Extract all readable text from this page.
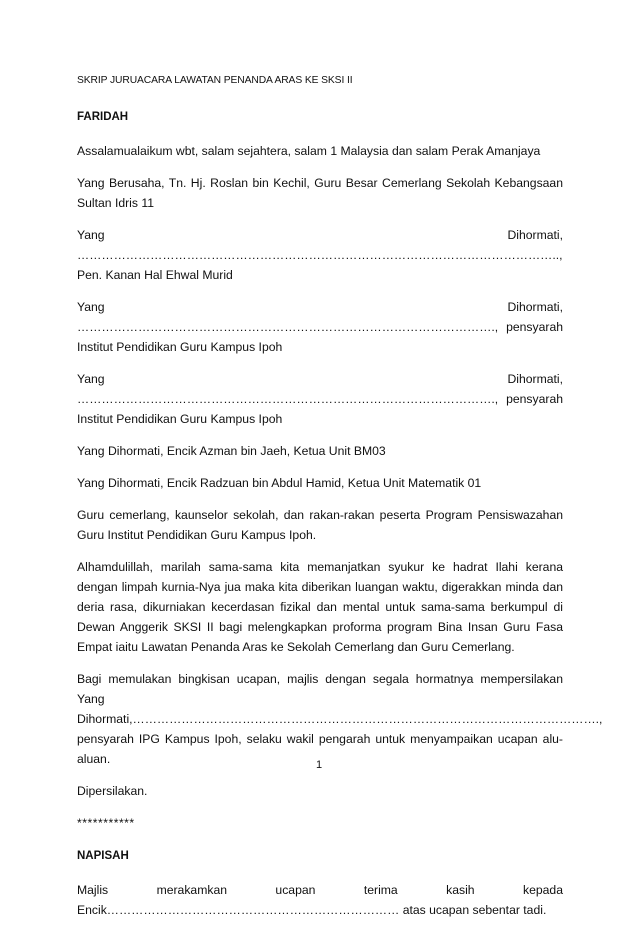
SKRIP JURUACARA LAWATAN PENANDA ARAS KE SKSI II
FARIDAH
Assalamualaikum wbt, salam sejahtera, salam 1 Malaysia dan salam Perak Amanjaya
Yang Berusaha, Tn. Hj. Roslan bin Kechil, Guru Besar Cemerlang Sekolah Kebangsaan Sultan Idris 11
Yang Dihormati, ……………………………………………………………………………………………………….., Pen. Kanan Hal Ehwal Murid
Yang Dihormati, …………………………………………………………………………………………., pensyarah Institut Pendidikan Guru Kampus Ipoh
Yang Dihormati, …………………………………………………………………………………………., pensyarah Institut Pendidikan Guru Kampus Ipoh
Yang Dihormati, Encik Azman bin Jaeh, Ketua Unit BM03
Yang Dihormati, Encik Radzuan bin Abdul Hamid, Ketua Unit Matematik 01
Guru cemerlang, kaunselor sekolah, dan rakan-rakan peserta Program Pensiswazahan Guru Institut Pendidikan Guru Kampus Ipoh.
Alhamdulillah, marilah sama-sama kita memanjatkan syukur ke hadrat Ilahi kerana dengan limpah kurnia-Nya jua maka kita diberikan luangan waktu, digerakkan minda dan deria rasa, dikurniakan kecerdasan fizikal dan mental untuk sama-sama berkumpul di Dewan Anggerik SKSI II bagi melengkapkan proforma program Bina Insan Guru Fasa Empat iaitu Lawatan Penanda Aras ke Sekolah Cemerlang dan Guru Cemerlang.
Bagi memulakan bingkisan ucapan, majlis dengan segala hormatnya mempersilakan Yang Dihormati,……………………………………………………………………………………………………., pensyarah IPG Kampus Ipoh, selaku wakil pengarah untuk menyampaikan ucapan alu-aluan.
Dipersilakan.
***********
NAPISAH
Majlis merakamkan ucapan terima kasih kepada Encik……………………………………………………………… atas ucapan sebentar tadi.
1
